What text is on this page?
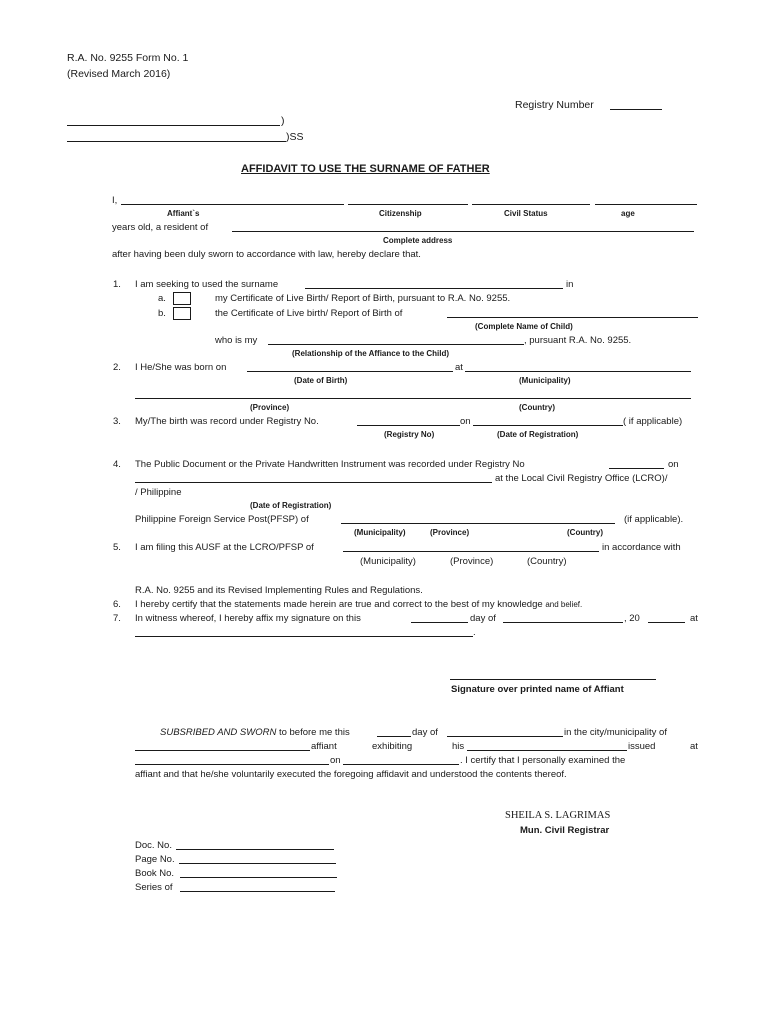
R.A. No. 9255 Form No. 1
(Revised March 2016)
Registry Number
)
)SS
AFFIDAVIT TO USE THE SURNAME OF FATHER
I,
Affiant`s	Citizenship	Civil Status	age
years old, a resident of
Complete address
after having been duly sworn to accordance with law, hereby declare that.
1.	I am seeking to used the surname	in
a.	my Certificate of Live Birth/ Report of Birth, pursuant to R.A. No. 9255.
b.	the Certificate of Live birth/ Report of Birth of
(Complete Name of Child)
who is my	, pursuant R.A. No. 9255.
(Relationship of the Affiance to the Child)
2.	I He/She was born on	at
(Date of Birth)	(Municipality)
(Province)	(Country)
3.	My/The birth was record under Registry No.	on	( if applicable)
(Registry No)	(Date of Registration)
4.	The Public Document or the Private Handwritten Instrument was recorded under Registry No	on
at the Local Civil Registry Office (LCRO)/
/ Philippine
(Date of Registration)
Philippine Foreign Service Post(PFSP) of	(if applicable).
(Municipality)	(Province)	(Country)
5.	I am filing this AUSF at the LCRO/PFSP of	in accordance with
(Municipality)	(Province)	(Country)
R.A. No. 9255 and its Revised Implementing Rules and Regulations.
6.	I hereby certify that the statements made herein are true and correct to the best of my knowledge and belief.
7.	In witness whereof, I hereby affix my signature on this	day of	, 20	at
.
Signature over printed name of Affiant
SUBSRIBED AND SWORN to before me this	day of	in the city/municipality of
affiant	exhibiting	his	issued	at
on	. I certify that I personally examined the
affiant and that he/she voluntarily executed the foregoing affidavit and understood the contents thereof.
SHEILA S. LAGRIMAS
Mun. Civil Registrar
Doc. No.
Page No.
Book No.
Series of
